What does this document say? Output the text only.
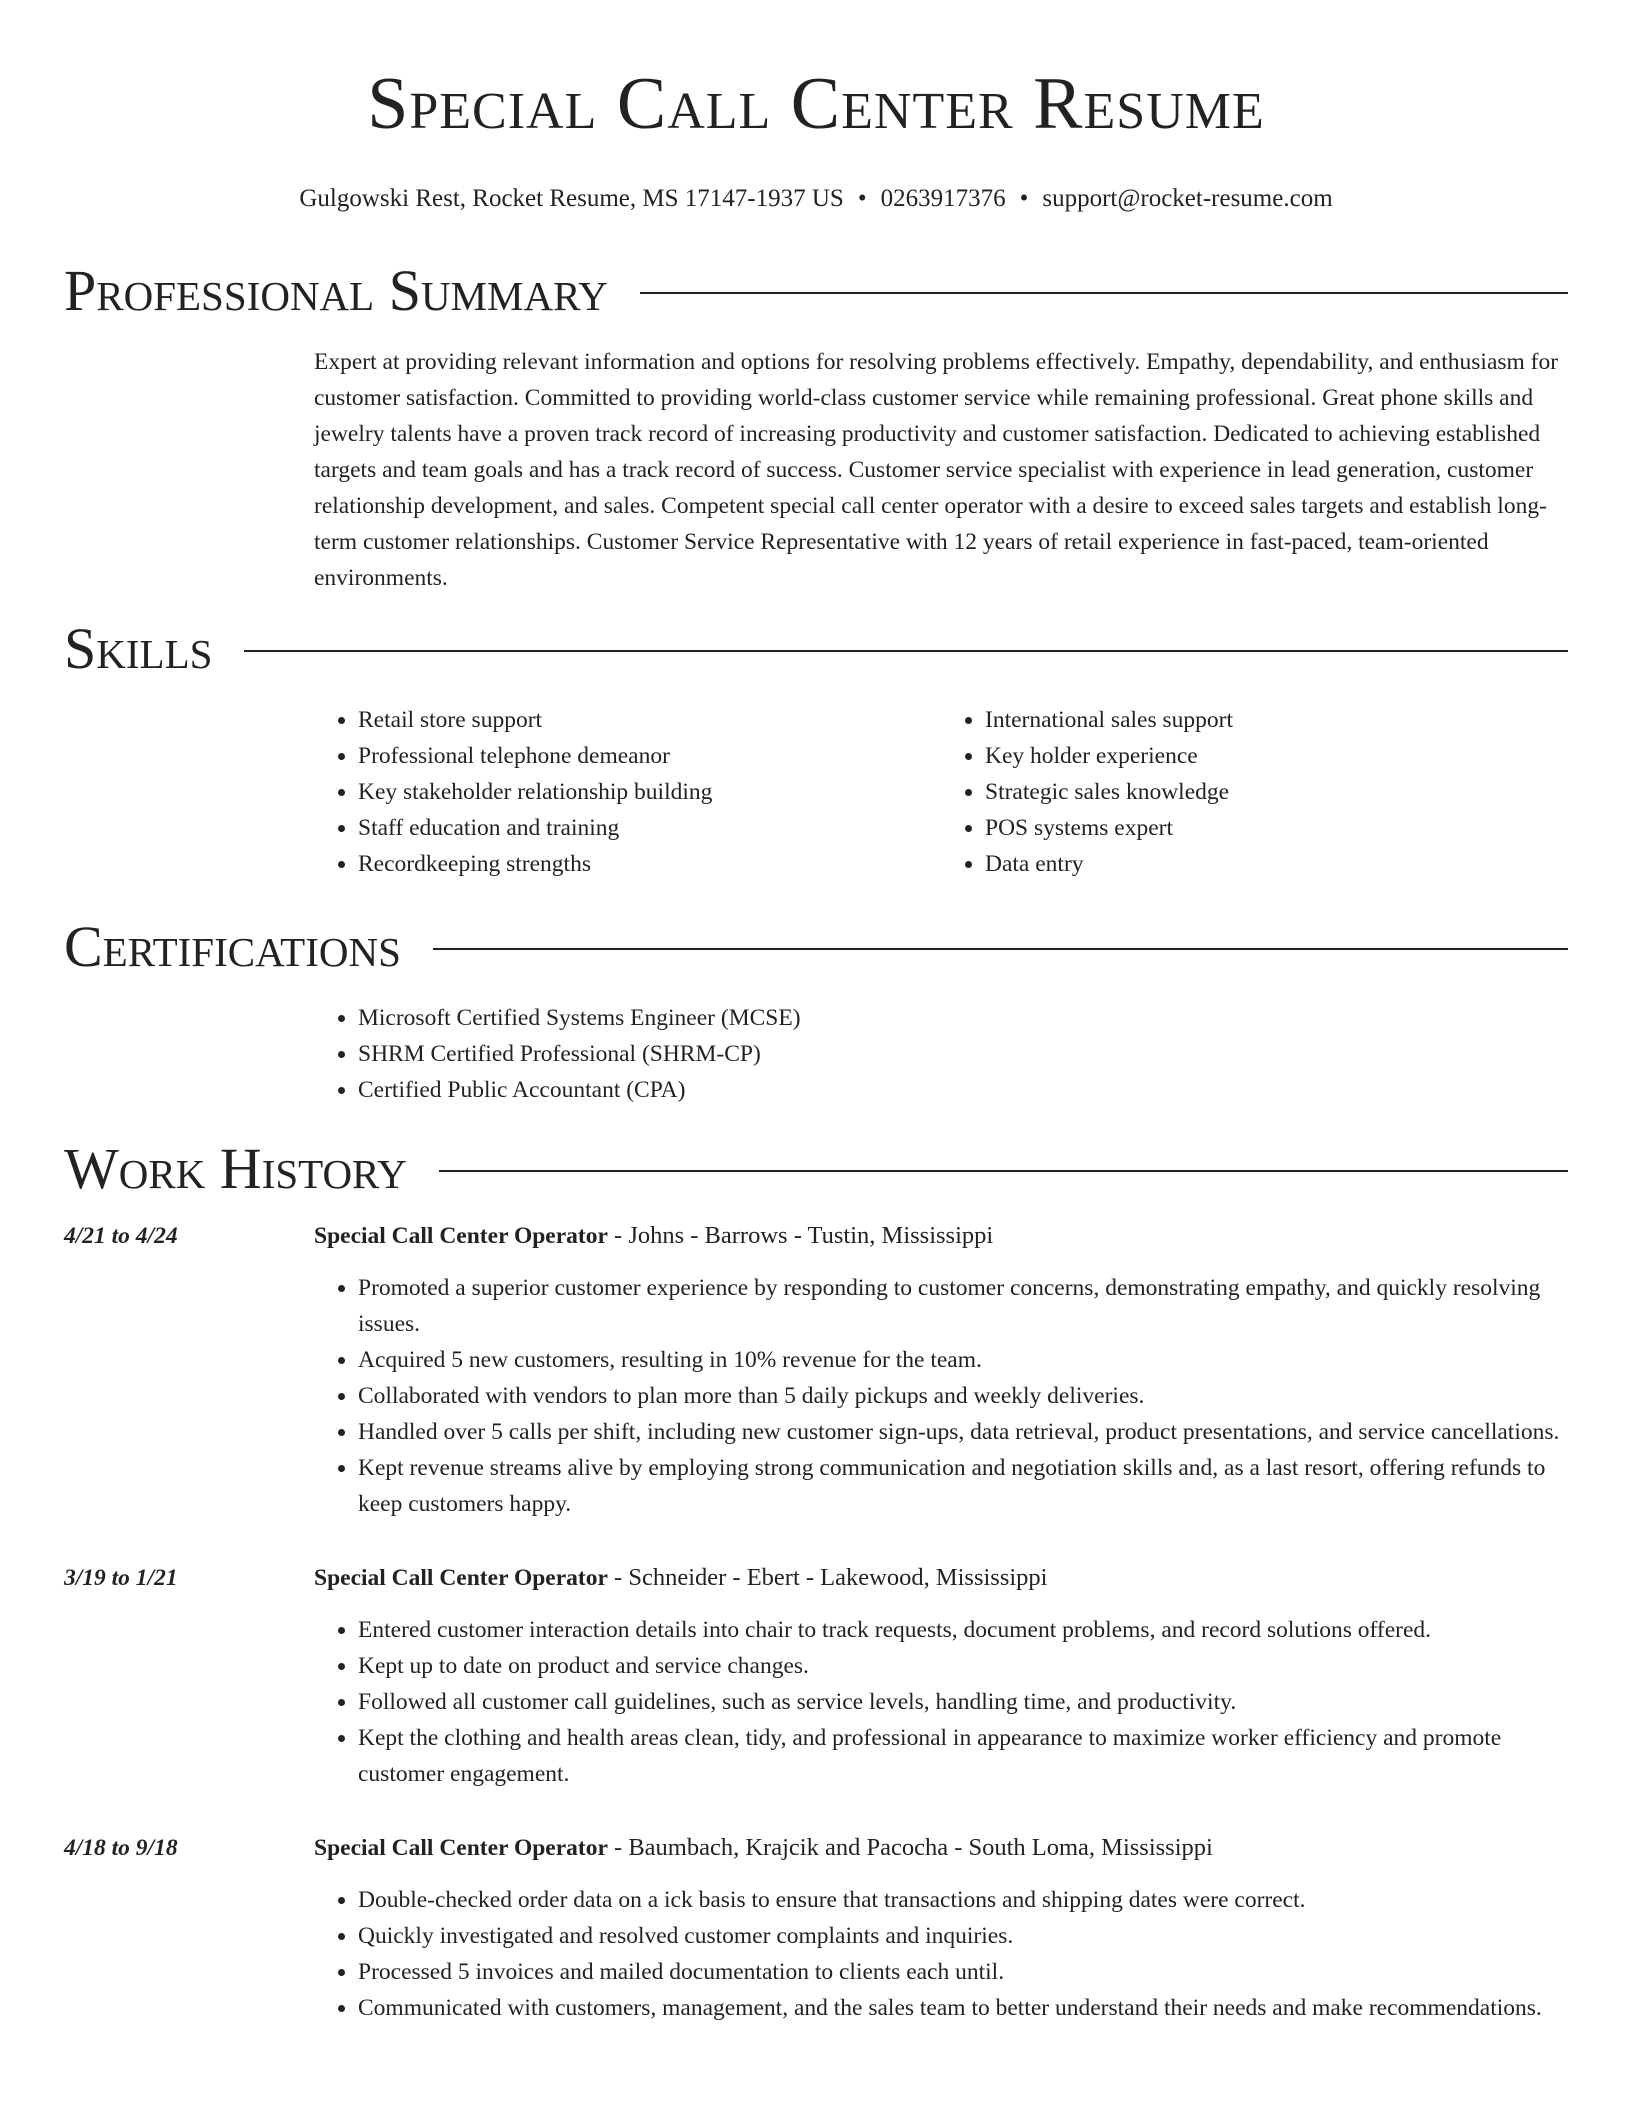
Special Call Center Resume
Gulgowski Rest, Rocket Resume, MS 17147-1937 US • 0263917376 • support@rocket-resume.com
Professional Summary

Expert at providing relevant information and options for resolving problems effectively. Empathy, dependability, and enthusiasm for customer satisfaction. Committed to providing world-class customer service while remaining professional. Great phone skills and jewelry talents have a proven track record of increasing productivity and customer satisfaction. Dedicated to achieving established targets and team goals and has a track record of success. Customer service specialist with experience in lead generation, customer relationship development, and sales. Competent special call center operator with a desire to exceed sales targets and establish long-term customer relationships. Customer Service Representative with 12 years of retail experience in fast-paced, team-oriented environments.

Skills
• Retail store support
• Professional telephone demeanor
• Key stakeholder relationship building
• Staff education and training
• Recordkeeping strengths
• International sales support
• Key holder experience
• Strategic sales knowledge
• POS systems expert
• Data entry
Certifications
• Microsoft Certified Systems Engineer (MCSE)
• SHRM Certified Professional (SHRM-CP)
• Certified Public Accountant (CPA)
Work History
4/21 to 4/24	Special Call Center Operator - Johns - Barrows - Tustin, Mississippi
• Promoted a superior customer experience by responding to customer concerns, demonstrating empathy, and quickly resolving issues.
• Acquired 5 new customers, resulting in 10% revenue for the team.
• Collaborated with vendors to plan more than 5 daily pickups and weekly deliveries.
• Handled over 5 calls per shift, including new customer sign-ups, data retrieval, product presentations, and service cancellations.
• Kept revenue streams alive by employing strong communication and negotiation skills and, as a last resort, offering refunds to keep customers happy.
3/19 to 1/21	Special Call Center Operator - Schneider - Ebert - Lakewood, Mississippi
• Entered customer interaction details into chair to track requests, document problems, and record solutions offered.
• Kept up to date on product and service changes.
• Followed all customer call guidelines, such as service levels, handling time, and productivity.
• Kept the clothing and health areas clean, tidy, and professional in appearance to maximize worker efficiency and promote customer engagement.
4/18 to 9/18	Special Call Center Operator - Baumbach, Krajcik and Pacocha - South Loma, Mississippi
• Double-checked order data on a ick basis to ensure that transactions and shipping dates were correct.
• Quickly investigated and resolved customer complaints and inquiries.
• Processed 5 invoices and mailed documentation to clients each until.
• Communicated with customers, management, and the sales team to better understand their needs and make recommendations.
